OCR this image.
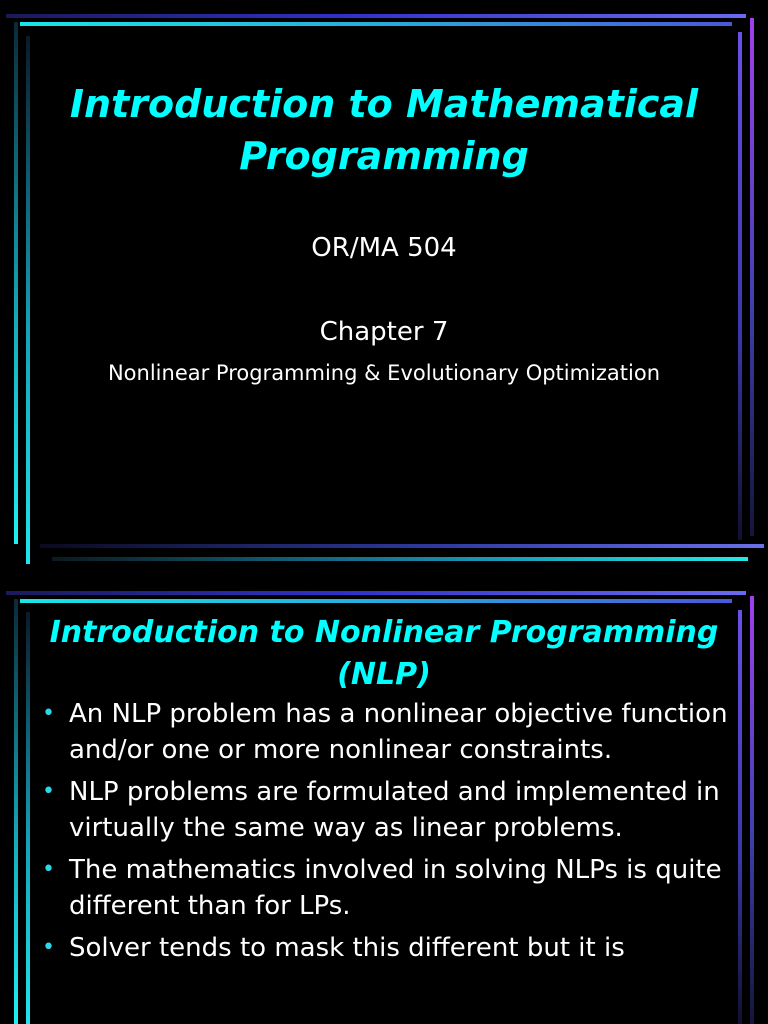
Introduction to Mathematical Programming

OR/MA 504

Chapter 7

Nonlinear Programming & Evolutionary Optimization

Introduction to Nonlinear Programming (NLP)
• An NLP problem has a nonlinear objective function and/or one or more nonlinear constraints.
• NLP problems are formulated and implemented in virtually the same way as linear problems.
• The mathematics involved in solving NLPs is quite different than for LPs.
• Solver tends to mask this different but it is
